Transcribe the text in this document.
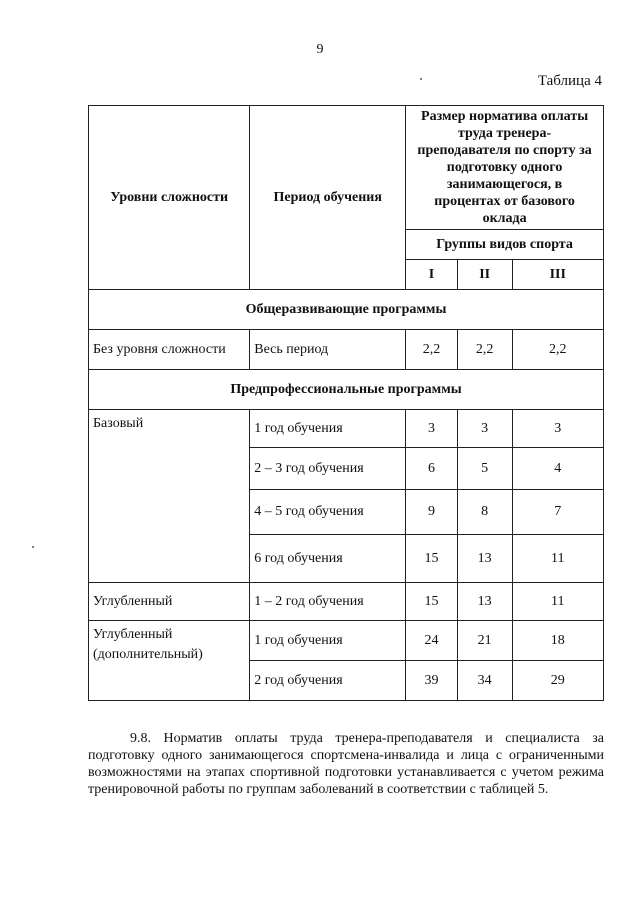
9
Таблица 4
Уровни сложности	Период обучения	Размер норматива оплаты труда тренера-преподавателя по спорту за подготовку одного занимающегося, в процентах от базового оклада		
		Группы видов спорта		
		I	II	III
Общеразвивающие программы				
Без уровня сложности	Весь период	2,2	2,2	2,2
Предпрофессиональные программы				
Базовый	1 год обучения	3	3	3
	2 – 3 год обучения	6	5	4
	4 – 5 год обучения	9	8	7
	6 год обучения	15	13	11
Углубленный	1 – 2 год обучения	15	13	11
Углубленный (дополнительный)	1 год обучения	24	21	18
	2 год обучения	39	34	29

9.8. Норматив оплаты труда тренера-преподавателя и специалиста за подготовку одного занимающегося спортсмена-инвалида и лица с ограниченными возможностями на этапах спортивной подготовки устанавливается с учетом режима тренировочной работы по группам заболеваний в соответствии с таблицей 5.
